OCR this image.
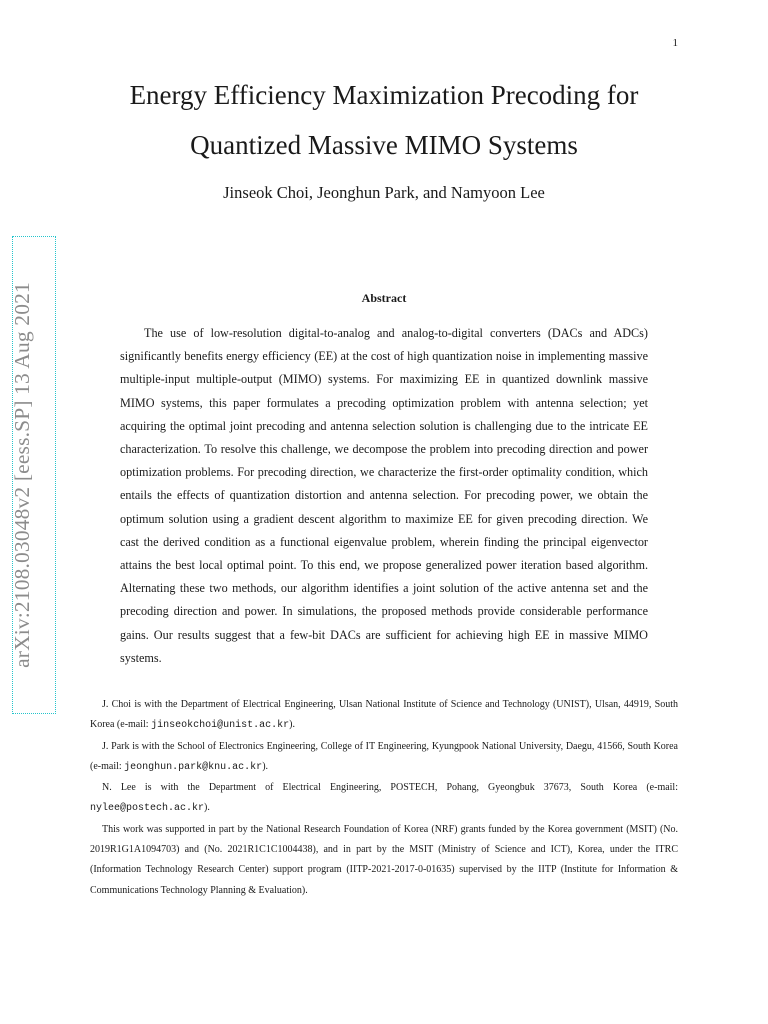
1
arXiv:2108.03048v2 [eess.SP] 13 Aug 2021
Energy Efficiency Maximization Precoding for Quantized Massive MIMO Systems
Jinseok Choi, Jeonghun Park, and Namyoon Lee
Abstract

The use of low-resolution digital-to-analog and analog-to-digital converters (DACs and ADCs) significantly benefits energy efficiency (EE) at the cost of high quantization noise in implementing massive multiple-input multiple-output (MIMO) systems. For maximizing EE in quantized downlink massive MIMO systems, this paper formulates a precoding optimization problem with antenna selection; yet acquiring the optimal joint precoding and antenna selection solution is challenging due to the intricate EE characterization. To resolve this challenge, we decompose the problem into precoding direction and power optimization problems. For precoding direction, we characterize the first-order optimality condition, which entails the effects of quantization distortion and antenna selection. For precoding power, we obtain the optimum solution using a gradient descent algorithm to maximize EE for given precoding direction. We cast the derived condition as a functional eigenvalue problem, wherein finding the principal eigenvector attains the best local optimal point. To this end, we propose generalized power iteration based algorithm. Alternating these two methods, our algorithm identifies a joint solution of the active antenna set and the precoding direction and power. In simulations, the proposed methods provide considerable performance gains. Our results suggest that a few-bit DACs are sufficient for achieving high EE in massive MIMO systems.

J. Choi is with the Department of Electrical Engineering, Ulsan National Institute of Science and Technology (UNIST), Ulsan, 44919, South Korea (e-mail: jinseokchoi@unist.ac.kr).

J. Park is with the School of Electronics Engineering, College of IT Engineering, Kyungpook National University, Daegu, 41566, South Korea (e-mail: jeonghun.park@knu.ac.kr).

N. Lee is with the Department of Electrical Engineering, POSTECH, Pohang, Gyeongbuk 37673, South Korea (e-mail: nylee@postech.ac.kr).

This work was supported in part by the National Research Foundation of Korea (NRF) grants funded by the Korea government (MSIT) (No. 2019R1G1A1094703) and (No. 2021R1C1C1004438), and in part by the MSIT (Ministry of Science and ICT), Korea, under the ITRC (Information Technology Research Center) support program (IITP-2021-2017-0-01635) supervised by the IITP (Institute for Information & Communications Technology Planning & Evaluation).
